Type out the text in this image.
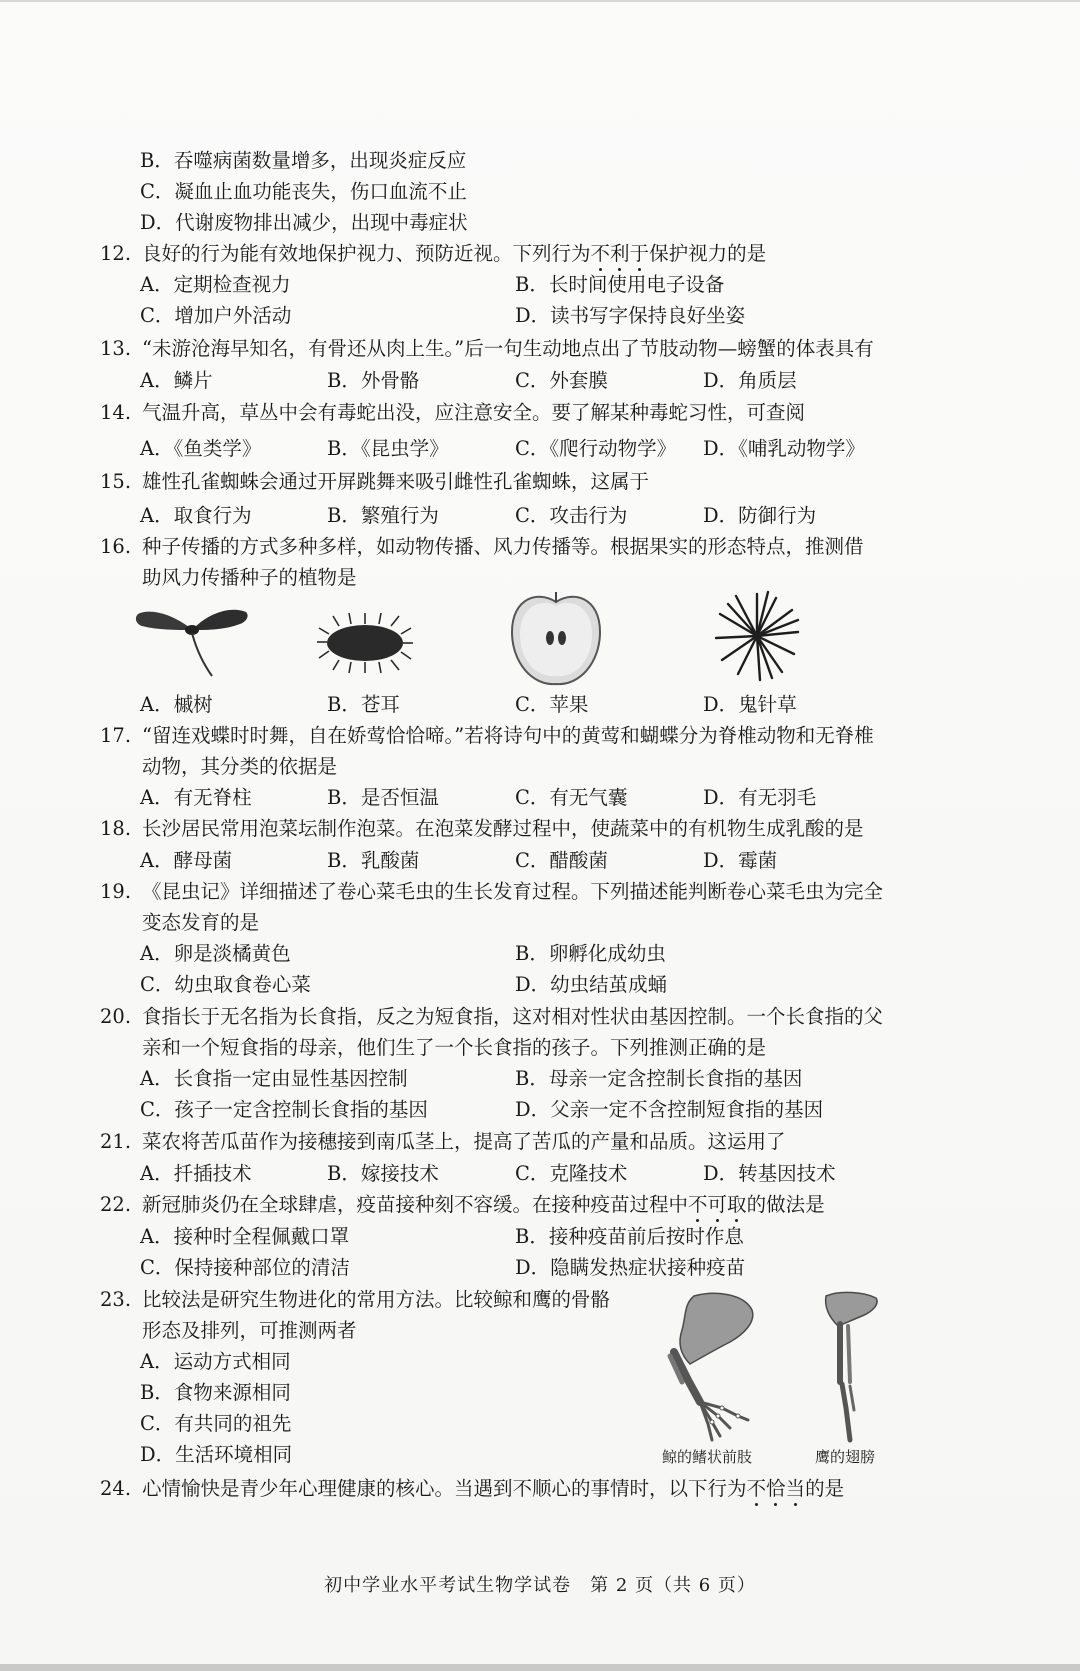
B．吞噬病菌数量增多，出现炎症反应
C．凝血止血功能丧失，伤口血流不止
D．代谢废物排出减少，出现中毒症状
12. 良好的行为能有效地保护视力、预防近视。下列行为不利于保护视力的是
A．定期检查视力	B．长时间使用电子设备
C．增加户外活动	D．读书写字保持良好坐姿
13. “未游沧海早知名，有骨还从肉上生。”后一句生动地点出了节肢动物—螃蟹的体表具有
A．鳞片	B．外骨骼	C．外套膜	D．角质层
14. 气温升高，草丛中会有毒蛇出没，应注意安全。要了解某种毒蛇习性，可查阅
A．《鱼类学》	B．《昆虫学》	C．《爬行动物学》 D．《哺乳动物学》
15. 雄性孔雀蜘蛛会通过开屏跳舞来吸引雌性孔雀蜘蛛，这属于
A．取食行为	B．繁殖行为	C．攻击行为	D．防御行为
16. 种子传播的方式多种多样，如动物传播、风力传播等。根据果实的形态特点，推测借
助风力传播种子的植物是
A．槭树	B．苍耳	C．苹果	D．鬼针草
17. “留连戏蝶时时舞，自在娇莺恰恰啼。”若将诗句中的黄莺和蝴蝶分为脊椎动物和无脊椎
动物，其分类的依据是
A．有无脊柱	B．是否恒温	C．有无气囊	D．有无羽毛
18. 长沙居民常用泡菜坛制作泡菜。在泡菜发酵过程中，使蔬菜中的有机物生成乳酸的是
A．酵母菌	B．乳酸菌	C．醋酸菌	D．霉菌
19. 《昆虫记》详细描述了卷心菜毛虫的生长发育过程。下列描述能判断卷心菜毛虫为完全
变态发育的是
A．卵是淡橘黄色	B．卵孵化成幼虫
C．幼虫取食卷心菜	D．幼虫结茧成蛹
20. 食指长于无名指为长食指，反之为短食指，这对相对性状由基因控制。一个长食指的父
亲和一个短食指的母亲，他们生了一个长食指的孩子。下列推测正确的是
A．长食指一定由显性基因控制	B．母亲一定含控制长食指的基因
C．孩子一定含控制长食指的基因	D．父亲一定不含控制短食指的基因
21. 菜农将苦瓜苗作为接穗接到南瓜茎上，提高了苦瓜的产量和品质。这运用了
A．扦插技术	B．嫁接技术	C．克隆技术	D．转基因技术
22. 新冠肺炎仍在全球肆虐，疫苗接种刻不容缓。在接种疫苗过程中不可取的做法是
A．接种时全程佩戴口罩	B．接种疫苗前后按时作息
C．保持接种部位的清洁	D．隐瞒发热症状接种疫苗
23. 比较法是研究生物进化的常用方法。比较鲸和鹰的骨骼
形态及排列，可推测两者
A．运动方式相同
B．食物来源相同
C．有共同的祖先
D．生活环境相同	鲸的鳍状前肢	鹰的翅膀
24. 心情愉快是青少年心理健康的核心。当遇到不顺心的事情时，以下行为不恰当的是
初中学业水平考试生物学试卷　第 2 页（共 6 页）
